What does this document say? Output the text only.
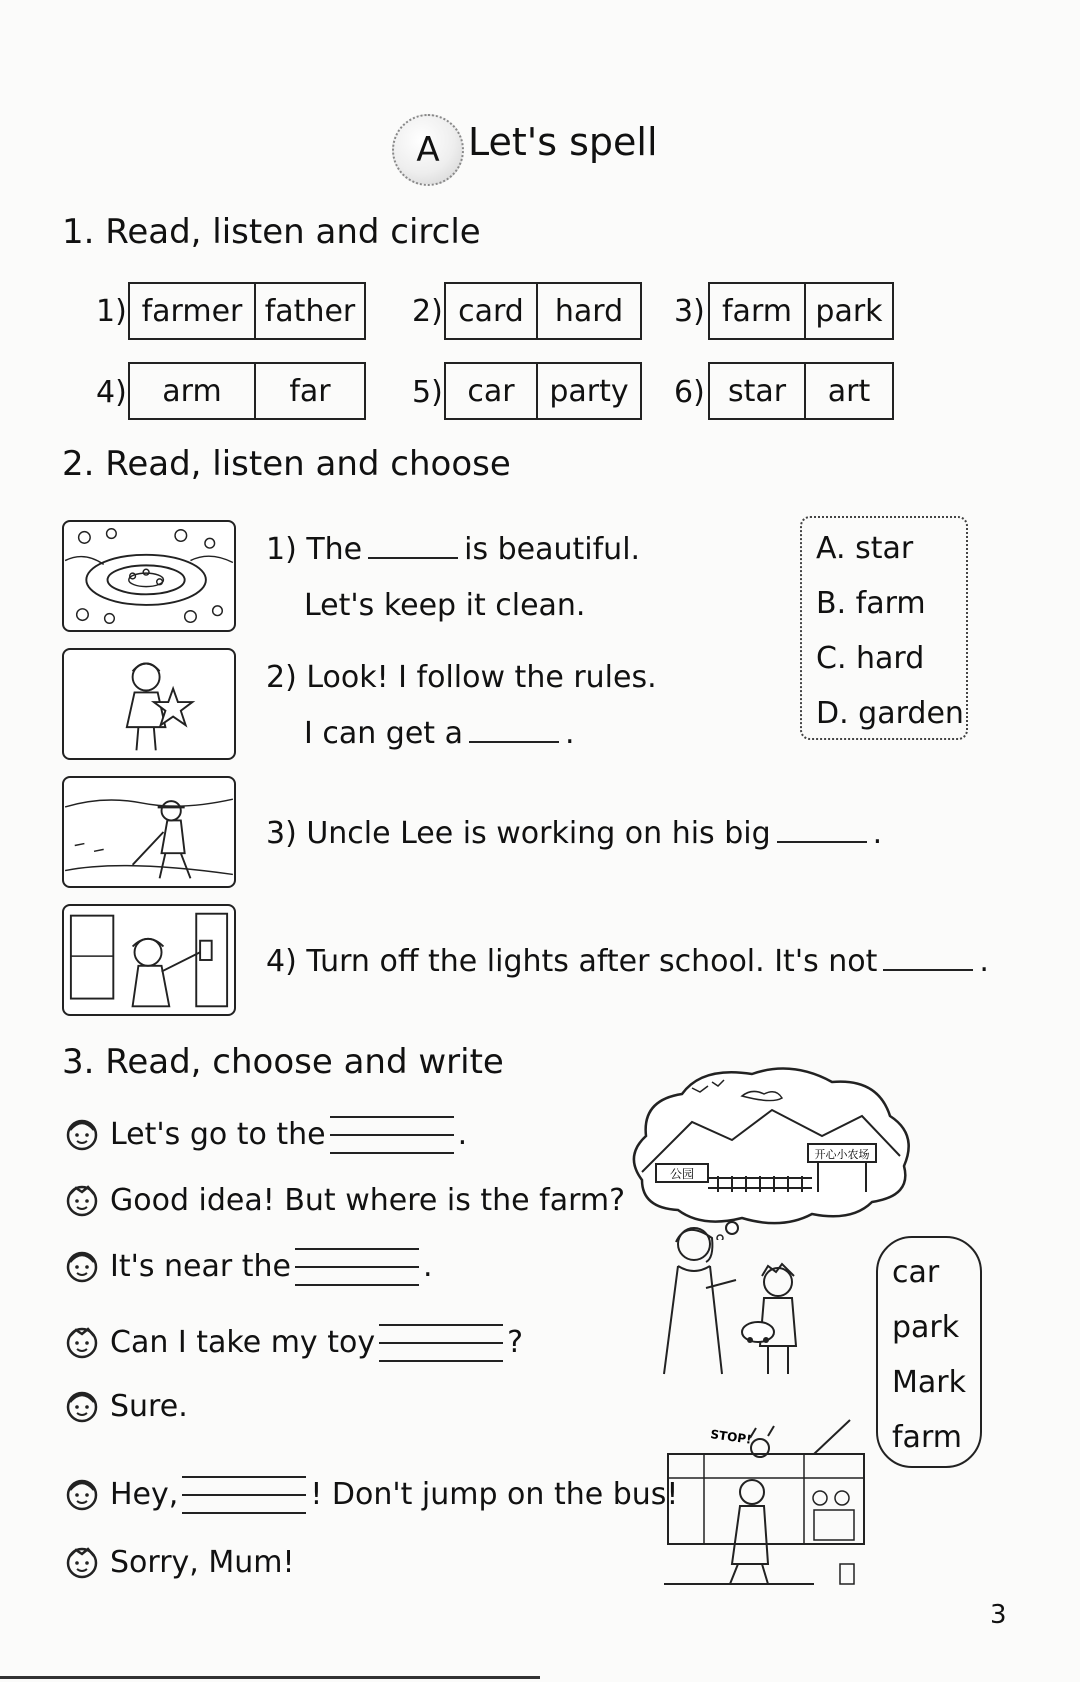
A Let's spell
1. Read, listen and circle
1) farmer father 2) card	hard	3) farm park
4)	arm	far	5) car	party	6) star	art
2. Read, listen and choose
1) The	is beautiful.
Let's keep it clean.
2) Look! I follow the rules.
I can get a	.
A. star
B. farm
C. hard
D. garden
3) Uncle Lee is working on his big	.
4) Turn off the lights after school. It's not	.
3. Read, choose and write
Let's go to the	.
Good idea! But where is the farm?
It's near the	.
Can I take my toy	?
Sure.
Hey,	! Don't jump on the bus!
Sorry, Mum!
公园
开心小农场
car
park
Mark
farm
STOP!
3
